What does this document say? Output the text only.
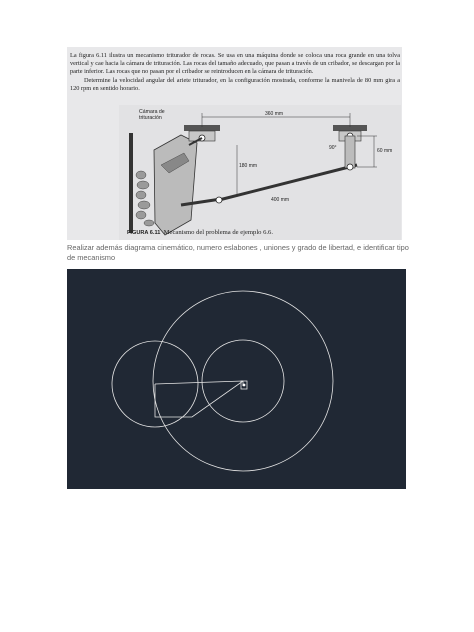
La figura 6.11 ilustra un mecanismo triturador de rocas. Se usa en una máquina donde se coloca una roca grande en una tolva vertical y cae hacia la cámara de trituración. Las rocas del tamaño adecuado, que pasan a través de un cribador, se descargan por la parte inferior. Las rocas que no pasan por el cribador se reintroducen en la cámara de trituración.

Determine la velocidad angular del ariete triturador, en la configuración mostrada, conforme la manivela de 80 mm gira a 120 rpm en sentido horario.

Cámara de
trituración
360 mm
60 mm
90°
180 mm
400 mm
FIGURA 6.11 Mecanismo del problema de ejemplo 6.6.
Realizar además diagrama cinemático, numero eslabones , uniones y grado de libertad, e identificar tipo de mecanismo
